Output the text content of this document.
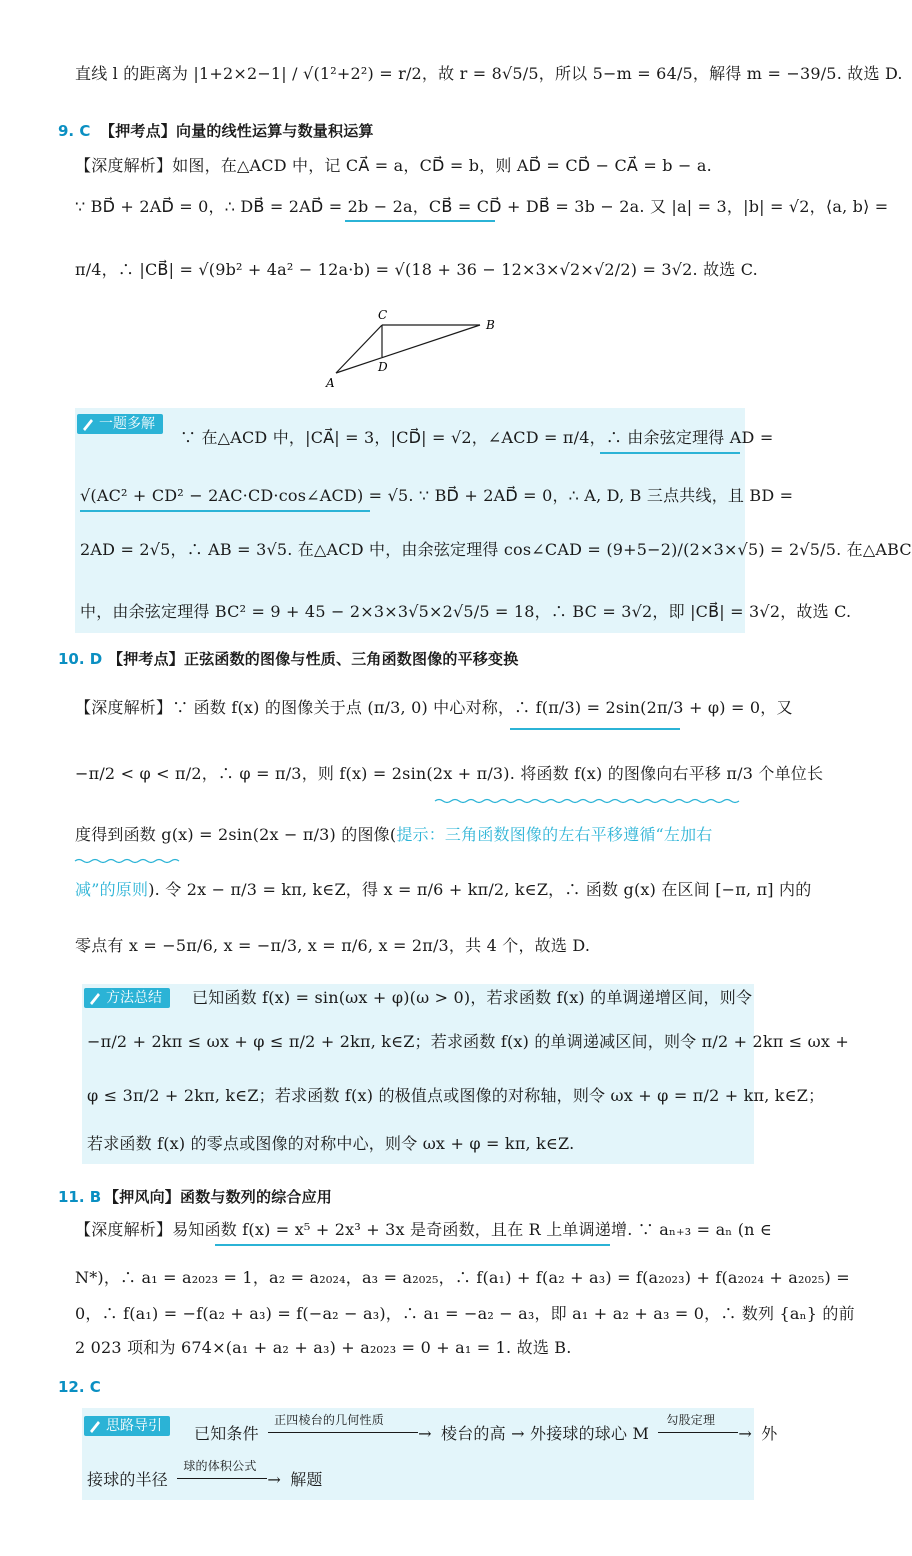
直线 l 的距离为 |1+2×2−1| / √(1²+2²) = r/2，故 r = 8√5/5，所以 5−m = 64/5，解得 m = −39/5. 故选 D.
9. C 【押考点】向量的线性运算与数量积运算
【深度解析】如图，在△ACD 中，记 CA⃗ = a，CD⃗ = b，则 AD⃗ = CD⃗ − CA⃗ = b − a.
∵ BD⃗ + 2AD⃗ = 0，∴ DB⃗ = 2AD⃗ = 2b − 2a，CB⃗ = CD⃗ + DB⃗ = 3b − 2a. 又 |a| = 3，|b| = √2，⟨a, b⟩ =
π/4，∴ |CB⃗| = √(9b² + 4a² − 12a·b) = √(18 + 36 − 12×3×√2×√2/2) = 3√2. 故选 C.
A
C
B
D
一题多解
∵ 在△ACD 中，|CA⃗| = 3，|CD⃗| = √2，∠ACD = π/4，∴ 由余弦定理得 AD =
√(AC² + CD² − 2AC·CD·cos∠ACD) = √5. ∵ BD⃗ + 2AD⃗ = 0，∴ A, D, B 三点共线，且 BD =
2AD = 2√5，∴ AB = 3√5. 在△ACD 中，由余弦定理得 cos∠CAD = (9+5−2)/(2×3×√5) = 2√5/5. 在△ABC
中，由余弦定理得 BC² = 9 + 45 − 2×3×3√5×2√5/5 = 18，∴ BC = 3√2，即 |CB⃗| = 3√2，故选 C.
10. D 【押考点】正弦函数的图像与性质、三角函数图像的平移变换
【深度解析】∵ 函数 f(x) 的图像关于点 (π/3, 0) 中心对称，∴ f(π/3) = 2sin(2π/3 + φ) = 0，又
−π/2 < φ < π/2，∴ φ = π/3，则 f(x) = 2sin(2x + π/3). 将函数 f(x) 的图像向右平移 π/3 个单位长
度得到函数 g(x) = 2sin(2x − π/3) 的图像(提示：三角函数图像的左右平移遵循“左加右
减”的原则). 令 2x − π/3 = kπ, k∈Z，得 x = π/6 + kπ/2, k∈Z，∴ 函数 g(x) 在区间 [−π, π] 内的
零点有 x = −5π/6, x = −π/3, x = π/6, x = 2π/3，共 4 个，故选 D.
方法总结	已知函数 f(x) = sin(ωx + φ)(ω > 0)，若求函数 f(x) 的单调递增区间，则令
−π/2 + 2kπ ≤ ωx + φ ≤ π/2 + 2kπ, k∈Z；若求函数 f(x) 的单调递减区间，则令 π/2 + 2kπ ≤ ωx +
φ ≤ 3π/2 + 2kπ, k∈Z；若求函数 f(x) 的极值点或图像的对称轴，则令 ωx + φ = π/2 + kπ, k∈Z；
若求函数 f(x) 的零点或图像的对称中心，则令 ωx + φ = kπ, k∈Z.
11. B 【押风向】函数与数列的综合应用
【深度解析】易知函数 f(x) = x⁵ + 2x³ + 3x 是奇函数，且在 R 上单调递增. ∵ aₙ₊₃ = aₙ (n ∈
N*)，∴ a₁ = a₂₀₂₃ = 1，a₂ = a₂₀₂₄，a₃ = a₂₀₂₅，∴ f(a₁) + f(a₂ + a₃) = f(a₂₀₂₃) + f(a₂₀₂₄ + a₂₀₂₅) =
0，∴ f(a₁) = −f(a₂ + a₃) = f(−a₂ − a₃)，∴ a₁ = −a₂ − a₃，即 a₁ + a₂ + a₃ = 0，∴ 数列 {aₙ} 的前
2 023 项和为 674×(a₁ + a₂ + a₃) + a₂₀₂₃ = 0 + a₁ = 1. 故选 B.
12. C
思路导引	已知条件
正四棱台的几何性质
→ 棱台的高 → 外接球的球心 M
勾股定理
→ 外
接球的半径
球的体积公式
→ 解题
